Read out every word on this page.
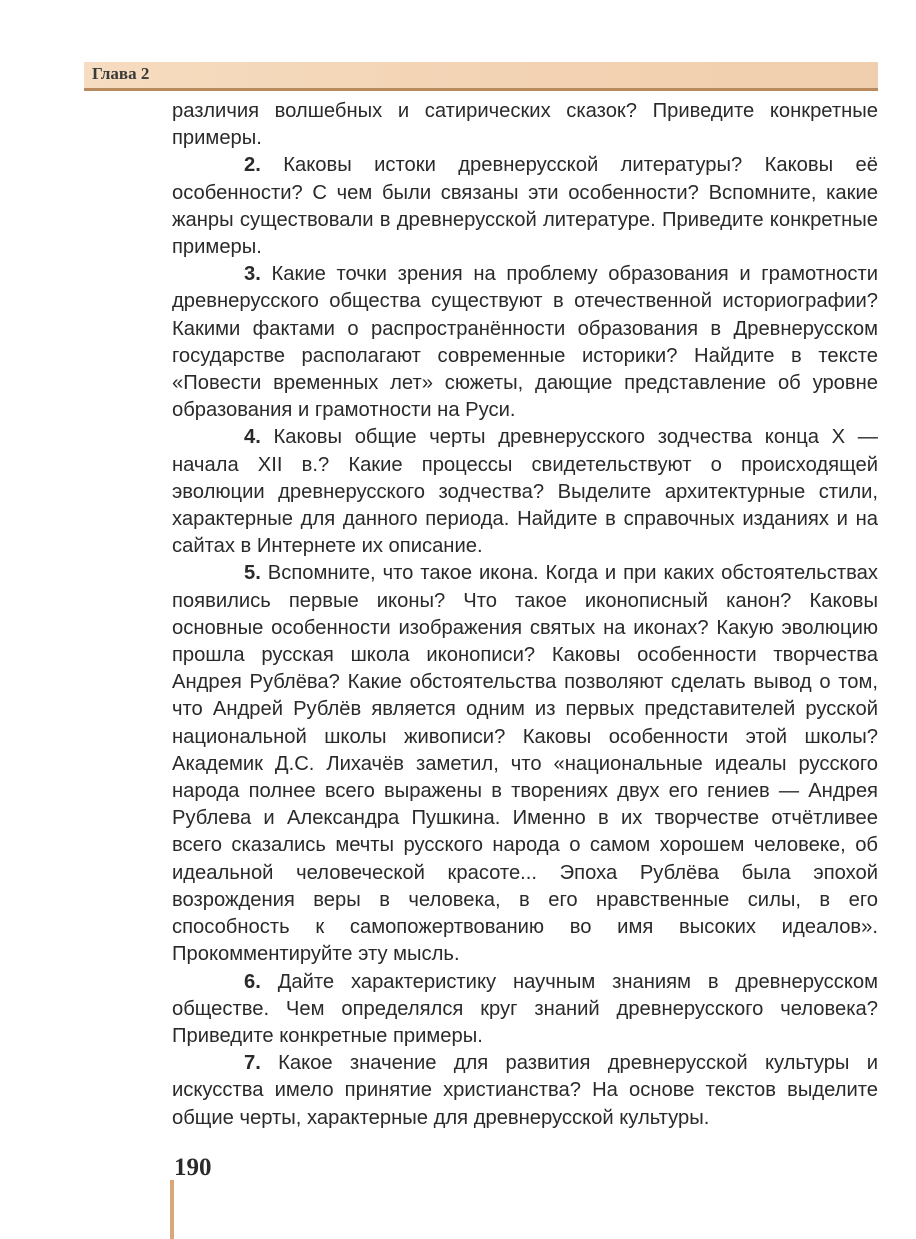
Глава 2

различия волшебных и сатирических сказок? Приведите конкретные примеры.

2. Каковы истоки древнерусской литературы? Каковы её особенности? С чем были связаны эти особенности? Вспомните, какие жанры существовали в древнерусской литературе. Приведите конкретные примеры.

3. Какие точки зрения на проблему образования и грамотности древнерусского общества существуют в отечественной историографии? Какими фактами о распространённости образования в Древнерусском государстве располагают современные историки? Найдите в тексте «Повести временных лет» сюжеты, дающие представление об уровне образования и грамотности на Руси.

4. Каковы общие черты древнерусского зодчества конца X — начала XII в.? Какие процессы свидетельствуют о происходящей эволюции древнерусского зодчества? Выделите архитектурные стили, характерные для данного периода. Найдите в справочных изданиях и на сайтах в Интернете их описание.

5. Вспомните, что такое икона. Когда и при каких обстоятельствах появились первые иконы? Что такое иконописный канон? Каковы основные особенности изображения святых на иконах? Какую эволюцию прошла русская школа иконописи? Каковы особенности творчества Андрея Рублёва? Какие обстоятельства позволяют сделать вывод о том, что Андрей Рублёв является одним из первых представителей русской национальной школы живописи? Каковы особенности этой школы? Академик Д.С. Лихачёв заметил, что «национальные идеалы русского народа полнее всего выражены в творениях двух его гениев — Андрея Рублева и Александра Пушкина. Именно в их творчестве отчётливее всего сказались мечты русского народа о самом хорошем человеке, об идеальной человеческой красоте... Эпоха Рублёва была эпохой возрождения веры в человека, в его нравственные силы, в его способность к самопожертвованию во имя высоких идеалов». Прокомментируйте эту мысль.

6. Дайте характеристику научным знаниям в древнерусском обществе. Чем определялся круг знаний древнерусского человека? Приведите конкретные примеры.

7. Какое значение для развития древнерусской культуры и искусства имело принятие христианства? На основе текстов выделите общие черты, характерные для древнерусской культуры.

190
